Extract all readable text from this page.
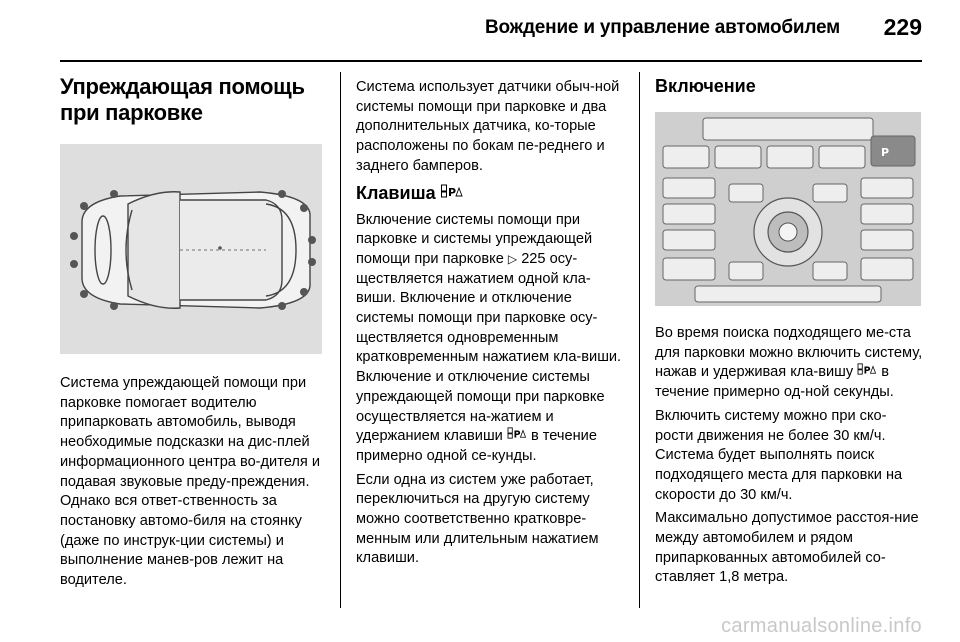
Вождение и управление автомобилем 229
Упреждающая помощь
при парковке

Система упреждающей помощи при парковке помогает водителю припарковать автомобиль, выводя необходимые подсказки на дис-плей информационного центра во-дителя и подавая звуковые преду-преждения. Однако вся ответ-ственность за постановку автомо-биля на стоянку (даже по инструк-ции системы) и выполнение манев-ров лежит на водителе.

Система использует датчики обыч-ной системы помощи при парковке и два дополнительных датчика, ко-торые расположены по бокам пе-реднего и заднего бамперов.

Клавиша P

Включение системы помощи при парковке и системы упреждающей помощи при парковке ▷ 225 осу-ществляется нажатием одной кла-виши. Включение и отключение системы помощи при парковке осу-ществляется одновременным кратковременным нажатием кла-виши. Включение и отключение системы упреждающей помощи при парковке осуществляется на-жатием и удержанием клавиши P в течение примерно одной се-кунды.

Если одна из систем уже работает, переключиться на другую систему можно соответственно кратковре-менным или длительным нажатием клавиши.

Включение
P

Во время поиска подходящего ме-ста для парковки можно включить систему, нажав и удерживая кла-вишу P в течение примерно од-ной секунды.

Включить систему можно при ско-рости движения не более 30 км/ч. Система будет выполнять поиск подходящего места для парковки на скорости до 30 км/ч.

Максимально допустимое расстоя-ние между автомобилем и рядом припаркованных автомобилей со-ставляет 1,8 метра.

carmanualsonline.info
